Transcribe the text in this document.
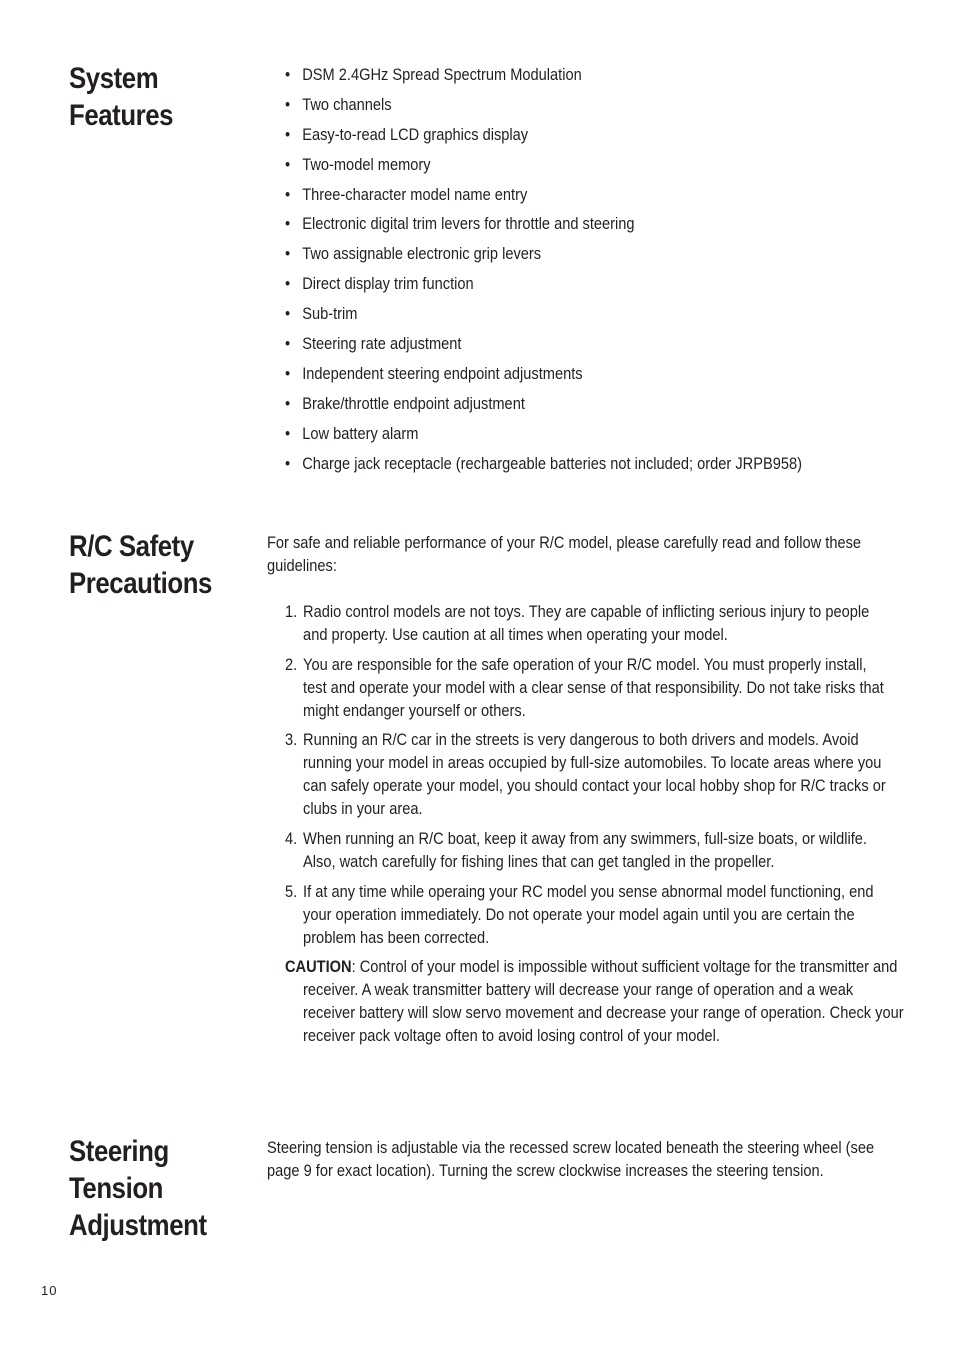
System
Features
• DSM 2.4GHz Spread Spectrum Modulation
• Two channels
• Easy-to-read LCD graphics display
• Two-model memory
• Three-character model name entry
• Electronic digital trim levers for throttle and steering
• Two assignable electronic grip levers
• Direct display trim function
• Sub-trim
• Steering rate adjustment
• Independent steering endpoint adjustments
• Brake/throttle endpoint adjustment
• Low battery alarm
• Charge jack receptacle (rechargeable batteries not included; order JRPB958)
R/C Safety
Precautions

For safe and reliable performance of your R/C model, please carefully read and follow these guidelines:

1. Radio control models are not toys. They are capable of inflicting serious injury to people and property. Use caution at all times when operating your model.
2. You are responsible for the safe operation of your R/C model. You must properly install, test and operate your model with a clear sense of that responsibility. Do not take risks that might endanger yourself or others.
3. Running an R/C car in the streets is very dangerous to both drivers and models. Avoid running your model in areas occupied by full-size automobiles. To locate areas where you can safely operate your model, you should contact your local hobby shop for R/C tracks or clubs in your area.
4. When running an R/C boat, keep it away from any swimmers, full-size boats, or wildlife. Also, watch carefully for fishing lines that can get tangled in the propeller.
5. If at any time while operaing your RC model you sense abnormal model functioning, end your operation immediately. Do not operate your model again until you are certain the problem has been corrected.

CAUTION: Control of your model is impossible without sufficient voltage for the transmitter and receiver. A weak transmitter battery will decrease your range of operation and a weak receiver battery will slow servo movement and decrease your range of operation. Check your receiver pack voltage often to avoid losing control of your model.

Steering
Tension
Adjustment

Steering tension is adjustable via the recessed screw located beneath the steering wheel (see page 9 for exact location). Turning the screw clockwise increases the steering tension.

10
